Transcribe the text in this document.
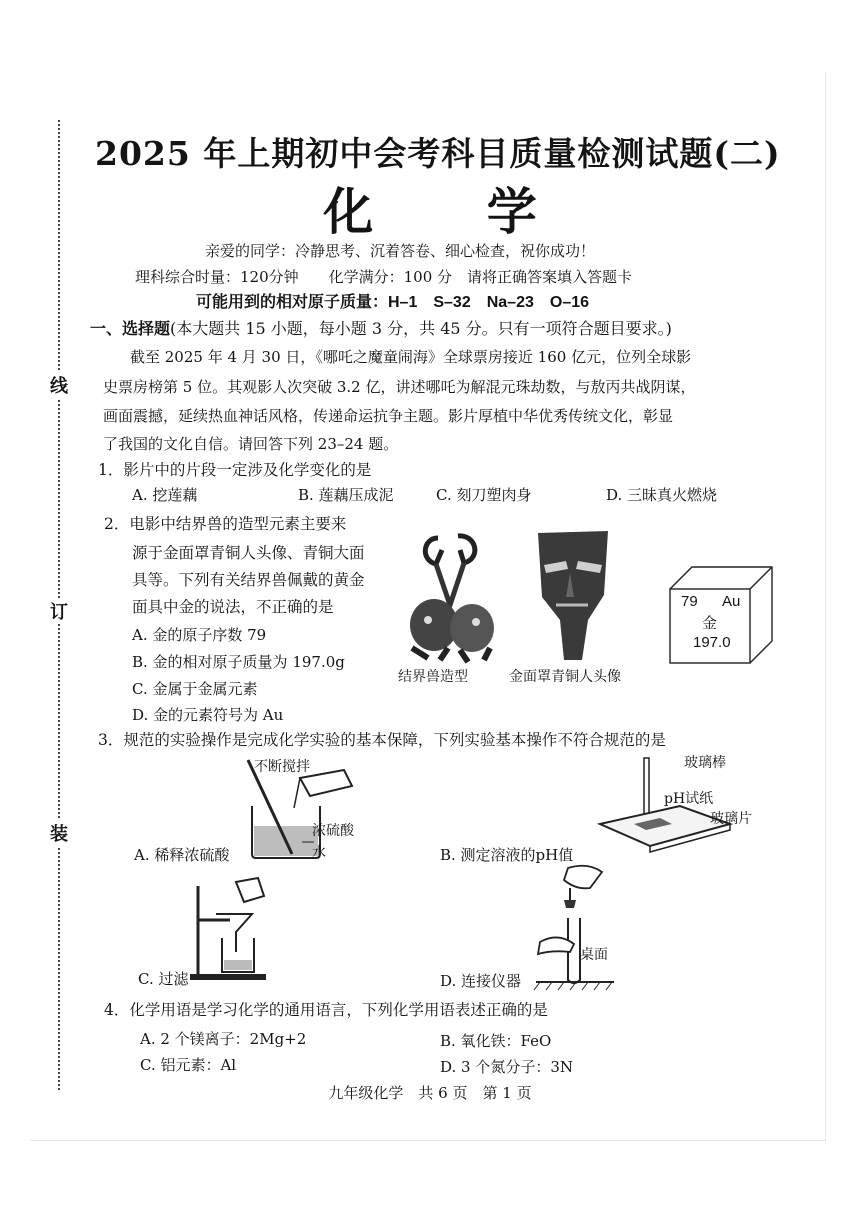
线
订
装
2025 年上期初中会考科目质量检测试题(二)
化 学
亲爱的同学：冷静思考、沉着答卷、细心检查，祝你成功！
理科综合时量：120分钟　　化学满分：100 分　请将正确答案填入答题卡
可能用到的相对原子质量：H–1　S–32　Na–23　O–16
一、选择题(本大题共 15 小题，每小题 3 分，共 45 分。只有一项符合题目要求。)
截至 2025 年 4 月 30 日，《哪吒之魔童闹海》全球票房接近 160 亿元，位列全球影
史票房榜第 5 位。其观影人次突破 3.2 亿，讲述哪吒为解混元珠劫数，与敖丙共战阴谋，
画面震撼，延续热血神话风格，传递命运抗争主题。影片厚植中华优秀传统文化，彰显
了我国的文化自信。请回答下列 23–24 题。
1．影片中的片段一定涉及化学变化的是
A. 挖莲藕	B. 莲藕压成泥	C. 刻刀塑肉身	D. 三昧真火燃烧
2．电影中结界兽的造型元素主要来
源于金面罩青铜人头像、青铜大面
具等。下列有关结界兽佩戴的黄金
面具中金的说法，不正确的是
A. 金的原子序数 79
B. 金的相对原子质量为 197.0g
C. 金属于金属元素
D. 金的元素符号为 Au
结界兽造型	金面罩青铜人头像
79 Au
金
197.0
3．规范的实验操作是完成化学实验的基本保障，下列实验基本操作不符合规范的是
不断搅拌
浓硫酸
水
A. 稀释浓硫酸
玻璃棒
pH试纸
玻璃片
B. 测定溶液的pH值
C. 过滤
桌面
D. 连接仪器
4．化学用语是学习化学的通用语言，下列化学用语表述正确的是
A. 2 个镁离子：2Mg+2	B. 氧化铁：FeO
C. 铝元素：Al	D. 3 个氮分子：3N
九年级化学　共 6 页　第 1 页
